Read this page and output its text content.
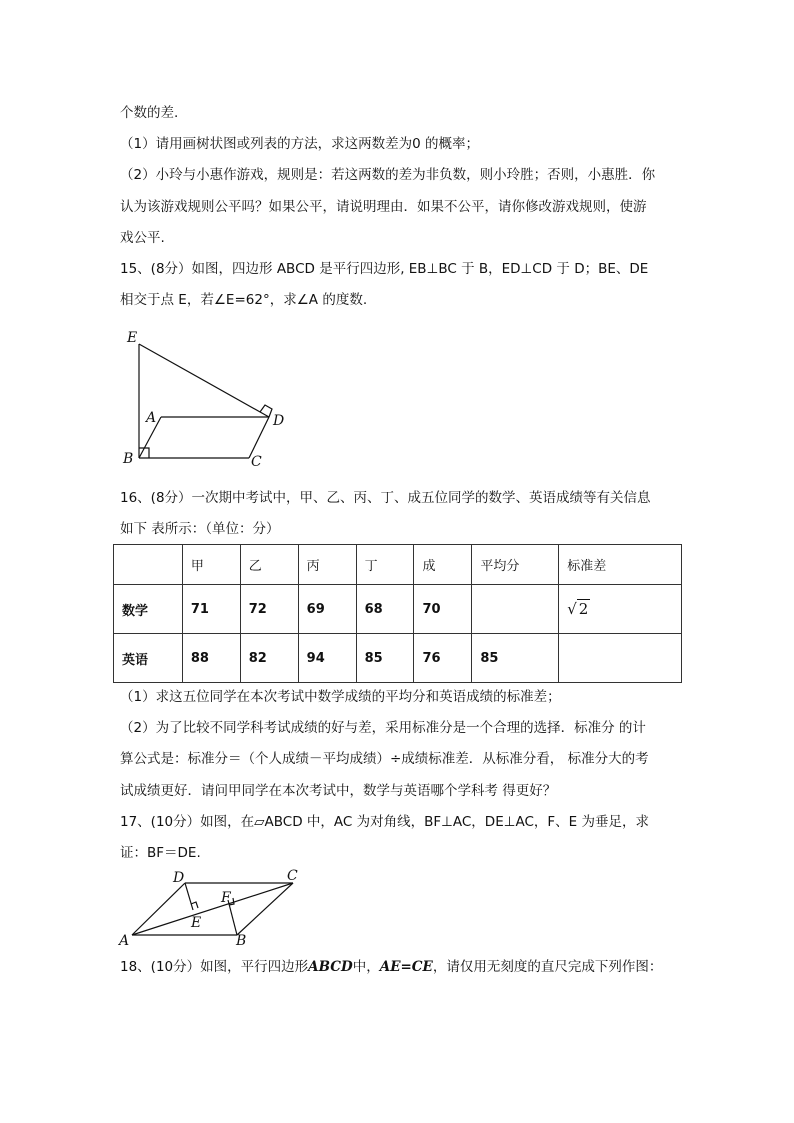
个数的差.
（1）请用画树状图或列表的方法，求这两数差为0 的概率；
（2）小玲与小惠作游戏，规则是：若这两数的差为非负数，则小玲胜；否则，小惠胜．你
认为该游戏规则公平吗？如果公平，请说明理由．如果不公平，请你修改游戏规则，使游
戏公平.
15、(8分）如图，四边形 ABCD 是平行四边形, EB⊥BC 于 B，ED⊥CD 于 D；BE、DE
相交于点 E，若∠E=62°，求∠A 的度数.
E
A	D
B	C
16、(8分）一次期中考试中，甲、乙、丙、丁、成五位同学的数学、英语成绩等有关信息
如下 表所示：（单位：分）
	甲	乙	丙	丁	成	平均分	标准差
数学	71	72	69	68	70		√ 2
英语	88	82	94	85	76	85	
（1）求这五位同学在本次考试中数学成绩的平均分和英语成绩的标准差；
（2）为了比较不同学科考试成绩的好与差，采用标准分是一个合理的选择．标准分 的计
算公式是：标准分＝（个人成绩－平均成绩）÷成绩标准差．从标准分看， 标准分大的考
试成绩更好．请问甲同学在本次考试中，数学与英语哪个学科考 得更好？
17、(10分）如图，在▱ABCD 中，AC 为对角线，BF⊥AC，DE⊥AC，F、E 为垂足，求
证：BF＝DE.
D	C
F
E
A	B
18、(10分）如图，平行四边形ABCD中，AE=CE，请仅用无刻度的直尺完成下列作图：
